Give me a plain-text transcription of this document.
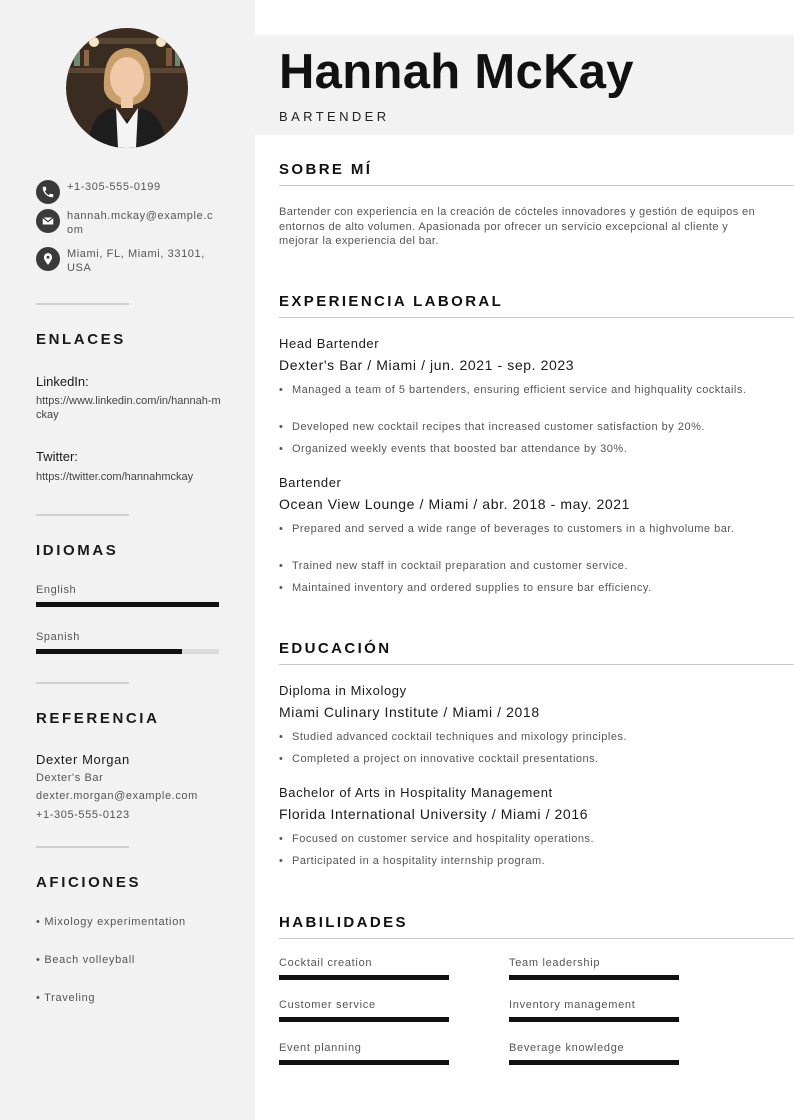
+1-305-555-0199
hannah.mckay@example.com
Miami, FL, Miami, 33101, USA
ENLACES
LinkedIn:
https://www.linkedin.com/in/hannah-mckay
Twitter:
https://twitter.com/hannahmckay
IDIOMAS
English
Spanish
REFERENCIA
Dexter Morgan
Dexter's Bar
dexter.morgan@example.com
+1-305-555-0123
AFICIONES
• Mixology experimentation
• Beach volleyball
• Traveling
Hannah McKay
BARTENDER
SOBRE MÍ
Bartender con experiencia en la creación de cócteles innovadores y gestión de equipos en entornos de alto volumen. Apasionada por ofrecer un servicio excepcional al cliente y mejorar la experiencia del bar.
EXPERIENCIA LABORAL
Head Bartender
Dexter's Bar / Miami / jun. 2021 - sep. 2023
• Managed a team of 5 bartenders, ensuring efficient service and highquality cocktails.
• Developed new cocktail recipes that increased customer satisfaction by 20%.
• Organized weekly events that boosted bar attendance by 30%.
Bartender
Ocean View Lounge / Miami / abr. 2018 - may. 2021
• Prepared and served a wide range of beverages to customers in a highvolume bar.
• Trained new staff in cocktail preparation and customer service.
• Maintained inventory and ordered supplies to ensure bar efficiency.
EDUCACIÓN
Diploma in Mixology
Miami Culinary Institute / Miami / 2018
• Studied advanced cocktail techniques and mixology principles.
• Completed a project on innovative cocktail presentations.
Bachelor of Arts in Hospitality Management
Florida International University / Miami / 2016
• Focused on customer service and hospitality operations.
• Participated in a hospitality internship program.
HABILIDADES
Cocktail creation	Team leadership
Customer service	Inventory management
Event planning	Beverage knowledge
